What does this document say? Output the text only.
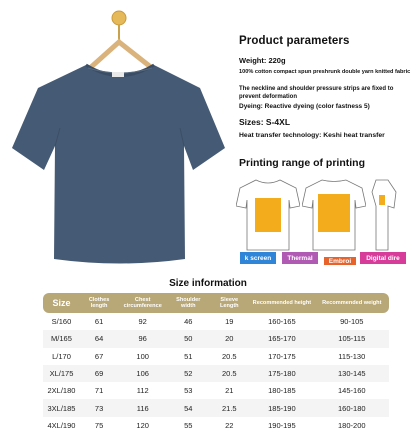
Product parameters
Weight: 220g
100% cotton compact spun preshrunk double yarn knitted fabric
The neckline and shoulder pressure strips are fixed to prevent deformation
Dyeing: Reactive dyeing (color fastness 5)
Sizes: S-4XL
Heat transfer technology: Keshi heat transfer
Printing range of printing
k screen	Thermal	Embroi	Digital dire
Size information
Size	Clothes length	Chest circumference	Shoulder width	Sleeve Length	Recommended height	Recommended weight
S/160	61	92	46	19	160-165	90-105
M/165	64	96	50	20	165-170	105-115
L/170	67	100	51	20.5	170-175	115-130
XL/175	69	106	52	20.5	175-180	130-145
2XL/180	71	112	53	21	180-185	145-160
3XL/185	73	116	54	21.5	185-190	160-180
4XL/190	75	120	55	22	190-195	180-200
